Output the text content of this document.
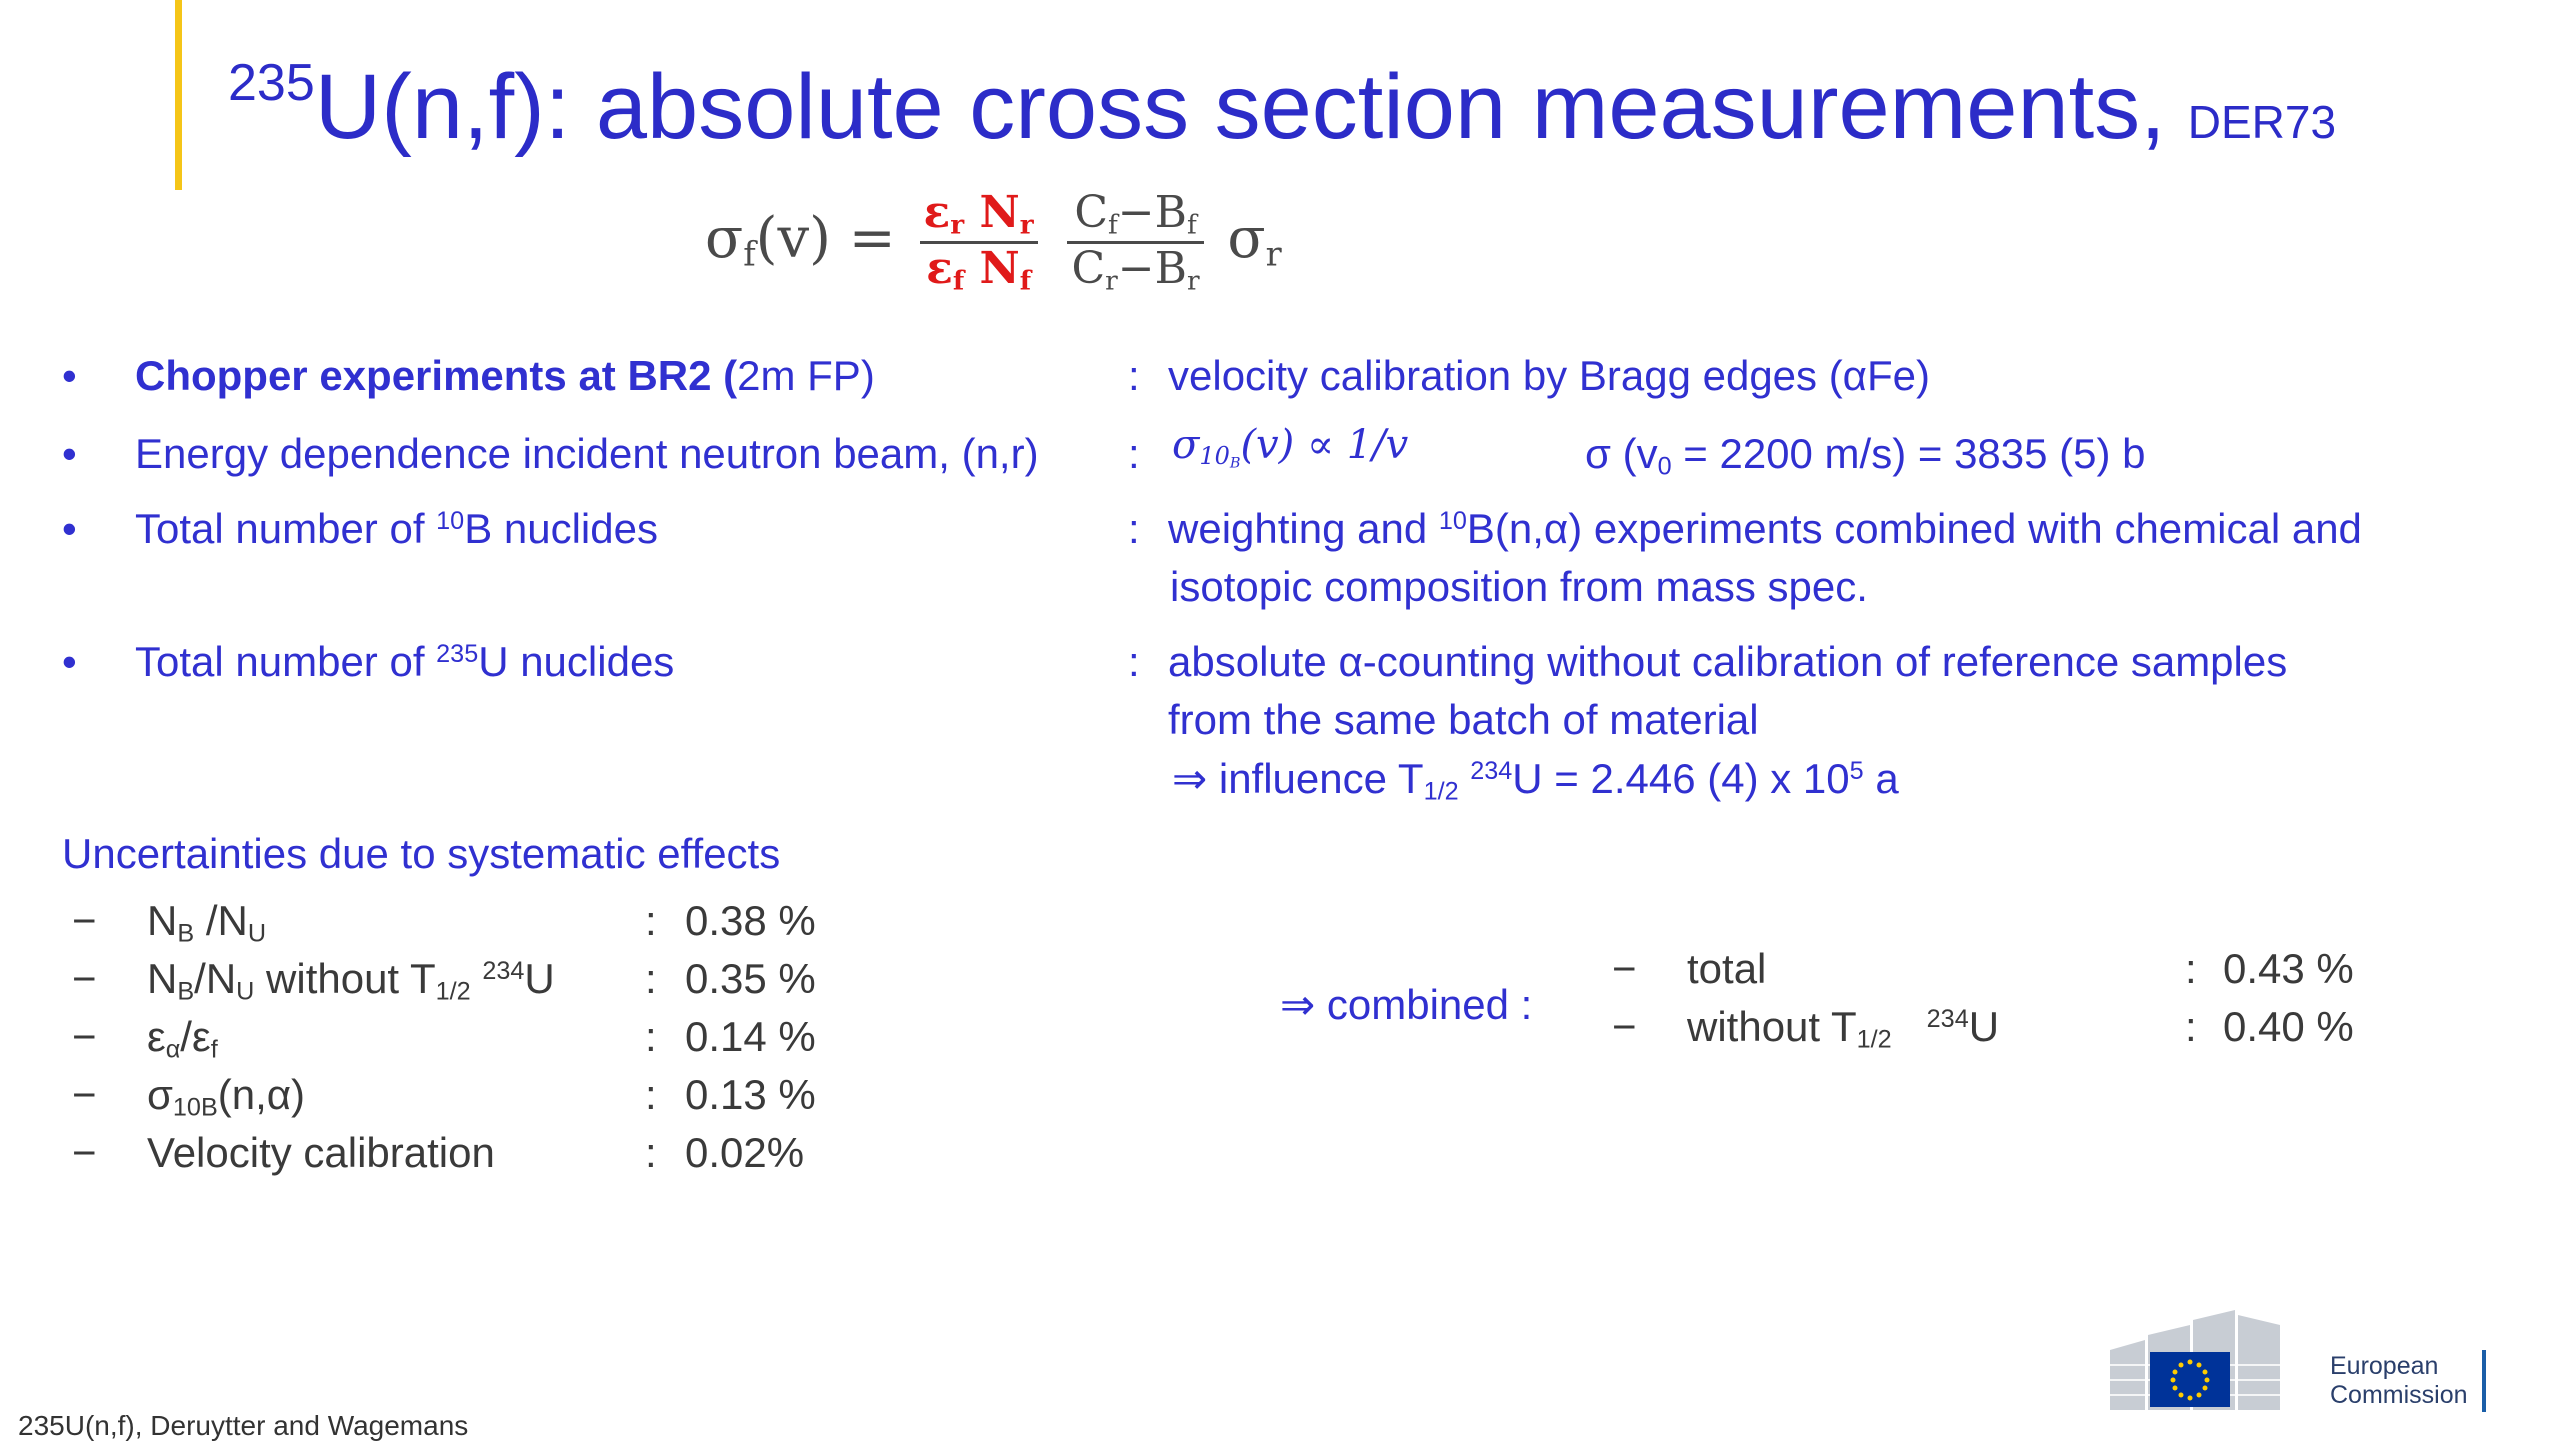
$^{235}$U(n,f): absolute cross section measurements, DER73
$\sigma_f(v) = \frac{\varepsilon_r N_r}{\varepsilon_f N_f}$
$\frac{C_f-B_f}{C_r-B_r} \sigma_r$
• Chopper experiments at BR2 (2m FP)	: velocity calibration by Bragg edges (αFe)
• Energy dependence incident neutron beam, (n,r) : $\sigma_{10_B}(v) \propto 1/v$	σ ($v_0 = 2200$ m/s) = 3835 (5) b
• Total number of $^{10}$B nuclides	: weighting and $^{10}$B(n,α) experiments combined with chemical and
isotopic composition from mass spec.
• Total number of $^{235}$U nuclides	: absolute α-counting without calibration of reference samples
from the same batch of material
⇒ influence $T_{1/2}$ $^{234}$U = 2.446 (4) x $10^5$ a
Uncertainties due to systematic effects
− $N_B$ $/N_U$	: 0.38 %
− $N_B/N_U$ without $T_{1/2}$ $^{234}$U : 0.35 %
− $\varepsilon_\alpha/\varepsilon_f$	: 0.14 %
− $\sigma_{10B}(n,\alpha)$	: 0.13 %
− Velocity calibration	: 0.02%
⇒ combined :
− total	: 0.43 %
− without $T_{1/2}$   $^{234}$U	: 0.40 %
235U(n,f), Deruytter and Wagemans
European
Commission
